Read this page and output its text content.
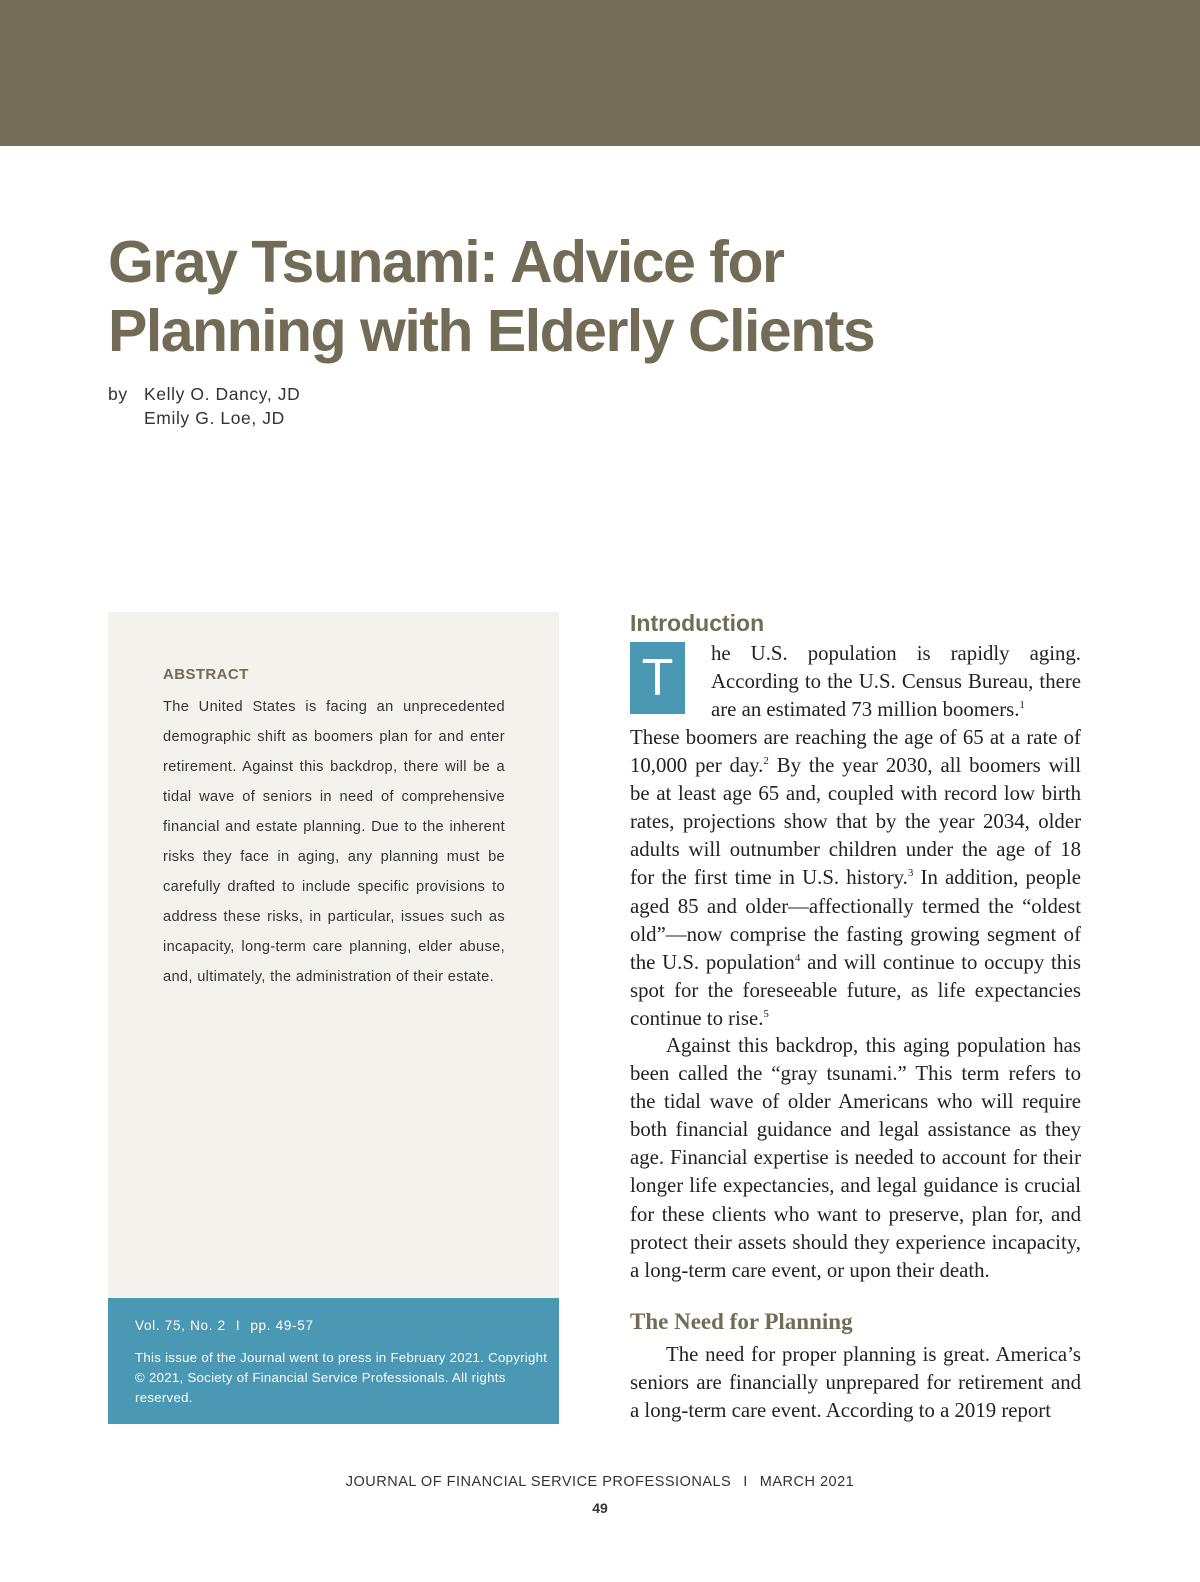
Gray Tsunami: Advice for Planning with Elderly Clients
by Kelly O. Dancy, JD
Emily G. Loe, JD
ABSTRACT

The United States is facing an unprecedented demographic shift as boomers plan for and enter retirement. Against this backdrop, there will be a tidal wave of seniors in need of comprehensive financial and estate planning. Due to the inherent risks they face in aging, any planning must be carefully drafted to include specific provisions to address these risks, in particular, issues such as incapacity, long-term care planning, elder abuse, and, ultimately, the administration of their estate.

Vol. 75, No. 2 I pp. 49-57

This issue of the Journal went to press in February 2021. Copyright © 2021, Society of Financial Service Professionals. All rights reserved.

Introduction
T	he U.S. population is rapidly aging. According to the U.S. Census Bureau, there are an estimated 73 million boomers.$^1$

These boomers are reaching the age of 65 at a rate of 10,000 per day.$^2$ By the year 2030, all boomers will be at least age 65 and, coupled with record low birth rates, projections show that by the year 2034, older adults will outnumber children under the age of 18 for the first time in U.S. history.$^3$ In addition, people aged 85 and older—affectionally termed the “oldest old”—now comprise the fasting growing segment of the U.S. population$^4$ and will continue to occupy this spot for the foreseeable future, as life expectancies continue to rise.$^5$

Against this backdrop, this aging population has been called the “gray tsunami.” This term refers to the tidal wave of older Americans who will require both financial guidance and legal assistance as they age. Financial expertise is needed to account for their longer life expectancies, and legal guidance is crucial for these clients who want to preserve, plan for, and protect their assets should they experience incapacity, a long-term care event, or upon their death.

The Need for Planning

The need for proper planning is great. America’s seniors are financially unprepared for retirement and a long-term care event. According to a 2019 report

JOURNAL OF FINANCIAL SERVICE PROFESSIONALS I MARCH 2021
49
